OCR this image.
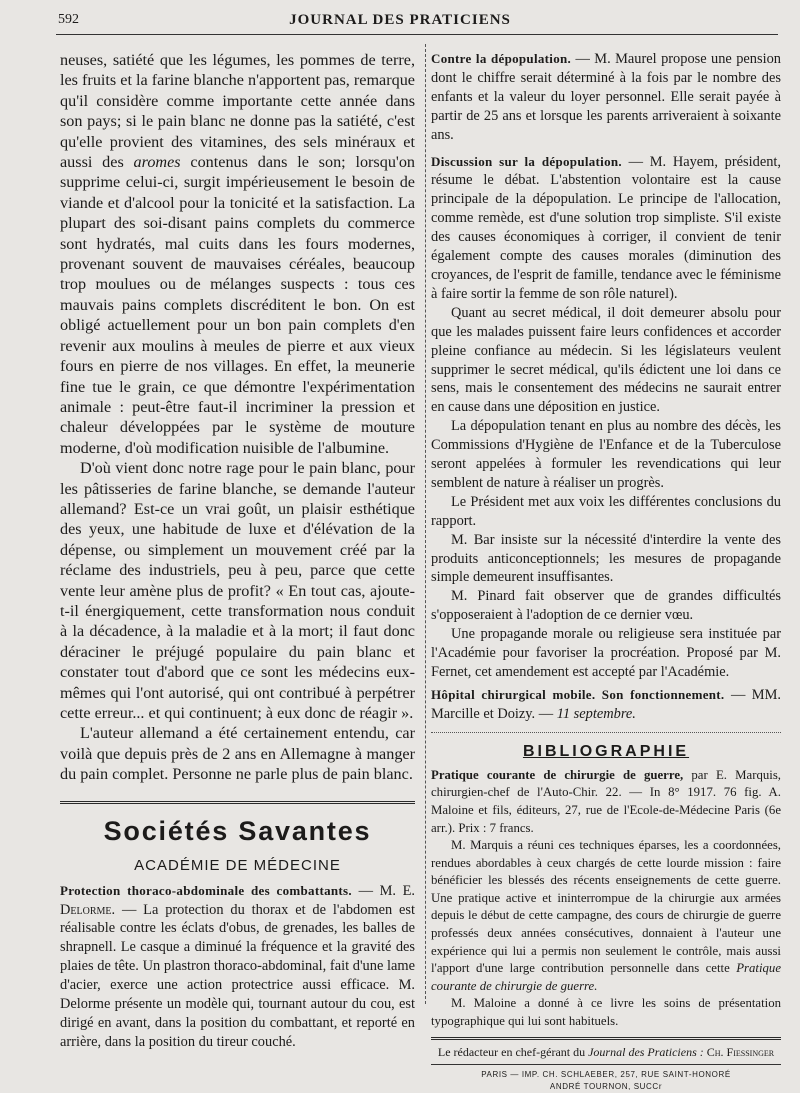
592	JOURNAL DES PRATICIENS

neuses, satiété que les légumes, les pommes de terre, les fruits et la farine blanche n'apportent pas, remarque qu'il considère comme importante cette année dans son pays; si le pain blanc ne donne pas la satiété, c'est qu'elle provient des vitamines, des sels minéraux et aussi des aromes contenus dans le son; lorsqu'on supprime celui-ci, surgit impérieusement le besoin de viande et d'alcool pour la tonicité et la satisfaction. La plupart des soi-disant pains complets du commerce sont hydratés, mal cuits dans les fours modernes, provenant souvent de mauvaises céréales, beaucoup trop moulues ou de mélanges suspects : tous ces mauvais pains complets discréditent le bon. On est obligé actuellement pour un bon pain complets d'en revenir aux moulins à meules de pierre et aux vieux fours en pierre de nos villages. En effet, la meunerie fine tue le grain, ce que démontre l'expérimentation animale : peut-être faut-il incriminer la pression et chaleur développées par le système de mouture moderne, d'où modification nuisible de l'albumine.

D'où vient donc notre rage pour le pain blanc, pour les pâtisseries de farine blanche, se demande l'auteur allemand? Est-ce un vrai goût, un plaisir esthétique des yeux, une habitude de luxe et d'élévation de la dépense, ou simplement un mouvement créé par la réclame des industriels, peu à peu, parce que cette vente leur amène plus de profit? « En tout cas, ajoute-t-il énergiquement, cette transformation nous conduit à la décadence, à la maladie et à la mort; il faut donc déraciner le préjugé populaire du pain blanc et constater tout d'abord que ce sont les médecins eux-mêmes qui l'ont autorisé, qui ont contribué à perpétrer cette erreur... et qui continuent; à eux donc de réagir ».

L'auteur allemand a été certainement entendu, car voilà que depuis près de 2 ans en Allemagne à manger du pain complet. Personne ne parle plus de pain blanc.

Sociétés Savantes

ACADÉMIE DE MÉDECINE

Protection thoraco-abdominale des combattants. — M. E. Delorme. — La protection du thorax et de l'abdomen est réalisable contre les éclats d'obus, de grenades, les balles de shrapnell. Le casque a diminué la fréquence et la gravité des plaies de tête. Un plastron thoraco-abdominal, fait d'une lame d'acier, exerce une action protectrice aussi efficace. M. Delorme présente un modèle qui, tournant autour du cou, est dirigé en avant, dans la position du combattant, et reporté en arrière, dans la position du tireur couché.

Contre la dépopulation. — M. Maurel propose une pension dont le chiffre serait déterminé à la fois par le nombre des enfants et la valeur du loyer personnel. Elle serait payée à partir de 25 ans et lorsque les parents arriveraient à soixante ans.

Discussion sur la dépopulation. — M. Hayem, président, résume le débat. L'abstention volontaire est la cause principale de la dépopulation. Le principe de l'allocation, comme remède, est d'une solution trop simpliste. S'il existe des causes économiques à corriger, il convient de tenir également compte des causes morales (diminution des croyances, de l'esprit de famille, tendance avec le féminisme à faire sortir la femme de son rôle naturel).

Quant au secret médical, il doit demeurer absolu pour que les malades puissent faire leurs confidences et accorder pleine confiance au médecin. Si les législateurs veulent supprimer le secret médical, qu'ils édictent une loi dans ce sens, mais le consentement des médecins ne saurait entrer en cause dans une déposition en justice.

La dépopulation tenant en plus au nombre des décès, les Commissions d'Hygiène de l'Enfance et de la Tuberculose seront appelées à formuler les revendications qui leur semblent de nature à réaliser un progrès.

Le Président met aux voix les différentes conclusions du rapport.

M. Bar insiste sur la nécessité d'interdire la vente des produits anticonceptionnels; les mesures de propagande simple demeurent insuffisantes.

M. Pinard fait observer que de grandes difficultés s'opposeraient à l'adoption de ce dernier vœu.

Une propagande morale ou religieuse sera instituée par l'Académie pour favoriser la procréation. Proposé par M. Fernet, cet amendement est accepté par l'Académie.

Hôpital chirurgical mobile. Son fonctionnement. — MM. Marcille et Doizy. — 11 septembre.

BIBLIOGRAPHIE

Pratique courante de chirurgie de guerre, par E. Marquis, chirurgien-chef de l'Auto-Chir. 22. — In 8° 1917. 76 fig. A. Maloine et fils, éditeurs, 27, rue de l'Ecole-de-Médecine Paris (6e arr.). Prix : 7 francs.

M. Marquis a réuni ces techniques éparses, les a coordonnées, rendues abordables à ceux chargés de cette lourde mission : faire bénéficier les blessés des récents enseignements de cette guerre. Une pratique active et ininterrompue de la chirurgie aux armées depuis le début de cette campagne, des cours de chirurgie de guerre professés deux années consécutives, donnaient à l'auteur une expérience qui lui a permis non seulement le contrôle, mais aussi l'apport d'une large contribution personnelle dans cette Pratique courante de chirurgie de guerre.

M. Maloine a donné à ce livre les soins de présentation typographique qui lui sont habituels.

Le rédacteur en chef-gérant du Journal des Praticiens : Ch. Fiessinger

PARIS — IMP. CH. SCHLAEBER, 257, RUE SAINT-HONORÉ

ANDRÉ TOURNON, SUCCr
